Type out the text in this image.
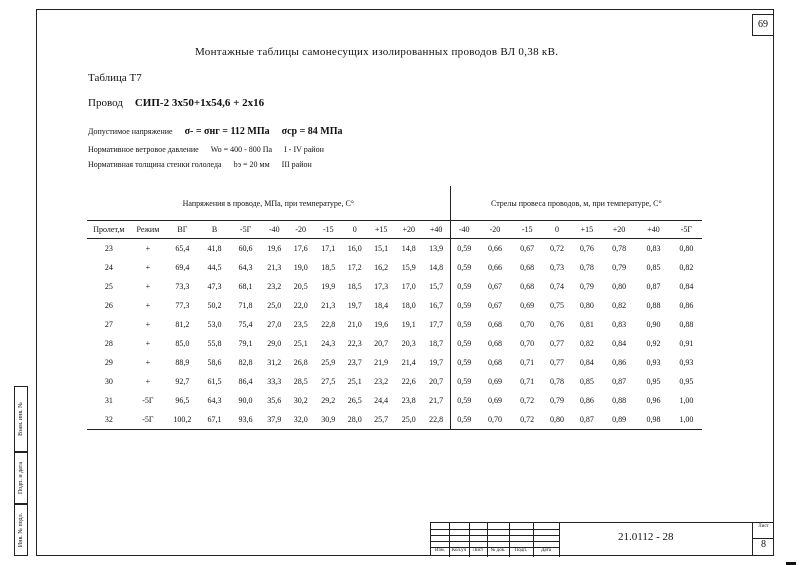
69
Монтажные таблицы самонесущих изолированных проводов ВЛ 0,38 кВ.
Таблица Т7
Провод СИП-2 3х50+1х54,6 + 2х16
Допустимое напряжение σ- = σнг = 112 МПа σср = 84 МПа
Нормативное ветровое давление Wo = 400 - 800 Па I - IV район
Нормативная толщина стенки гололеда bэ = 20 мм III район
Напряжения в проводе, МПа, при температуре, С°												Стрелы провеса проводов, м, при температуре, С°							
Пролет,м	Режим	ВГ	В	-5Г	-40	-20	-15	0	+15	+20	+40	-40	-20	-15	0	+15	+20	+40	-5Г
23	+	65,4	41,8	60,6	19,6	17,6	17,1	16,0	15,1	14,8	13,9	0,59	0,66	0,67	0,72	0,76	0,78	0,83	0,80
24	+	69,4	44,5	64,3	21,3	19,0	18,5	17,2	16,2	15,9	14,8	0,59	0,66	0,68	0,73	0,78	0,79	0,85	0,82
25	+	73,3	47,3	68,1	23,2	20,5	19,9	18,5	17,3	17,0	15,7	0,59	0,67	0,68	0,74	0,79	0,80	0,87	0,84
26	+	77,3	50,2	71,8	25,0	22,0	21,3	19,7	18,4	18,0	16,7	0,59	0,67	0,69	0,75	0,80	0,82	0,88	0,86
27	+	81,2	53,0	75,4	27,0	23,5	22,8	21,0	19,6	19,1	17,7	0,59	0,68	0,70	0,76	0,81	0,83	0,90	0,88
28	+	85,0	55,8	79,1	29,0	25,1	24,3	22,3	20,7	20,3	18,7	0,59	0,68	0,70	0,77	0,82	0,84	0,92	0,91
29	+	88,9	58,6	82,8	31,2	26,8	25,9	23,7	21,9	21,4	19,7	0,59	0,68	0,71	0,77	0,84	0,86	0,93	0,93
30	+	92,7	61,5	86,4	33,3	28,5	27,5	25,1	23,2	22,6	20,7	0,59	0,69	0,71	0,78	0,85	0,87	0,95	0,95
31	-5Г	96,5	64,3	90,0	35,6	30,2	29,2	26,5	24,4	23,8	21,7	0,59	0,69	0,72	0,79	0,86	0,88	0,96	1,00
32	-5Г	100,2	67,1	93,6	37,9	32,0	30,9	28,0	25,7	25,0	22,8	0,59	0,70	0,72	0,80	0,87	0,89	0,98	1,00
Взам. инв. №
Подп. и дата
Инв. № подл.
Изм.	Кол.уч	Лист	№ док.	Подп.	Дата
21.0112 - 28
Лист
8
